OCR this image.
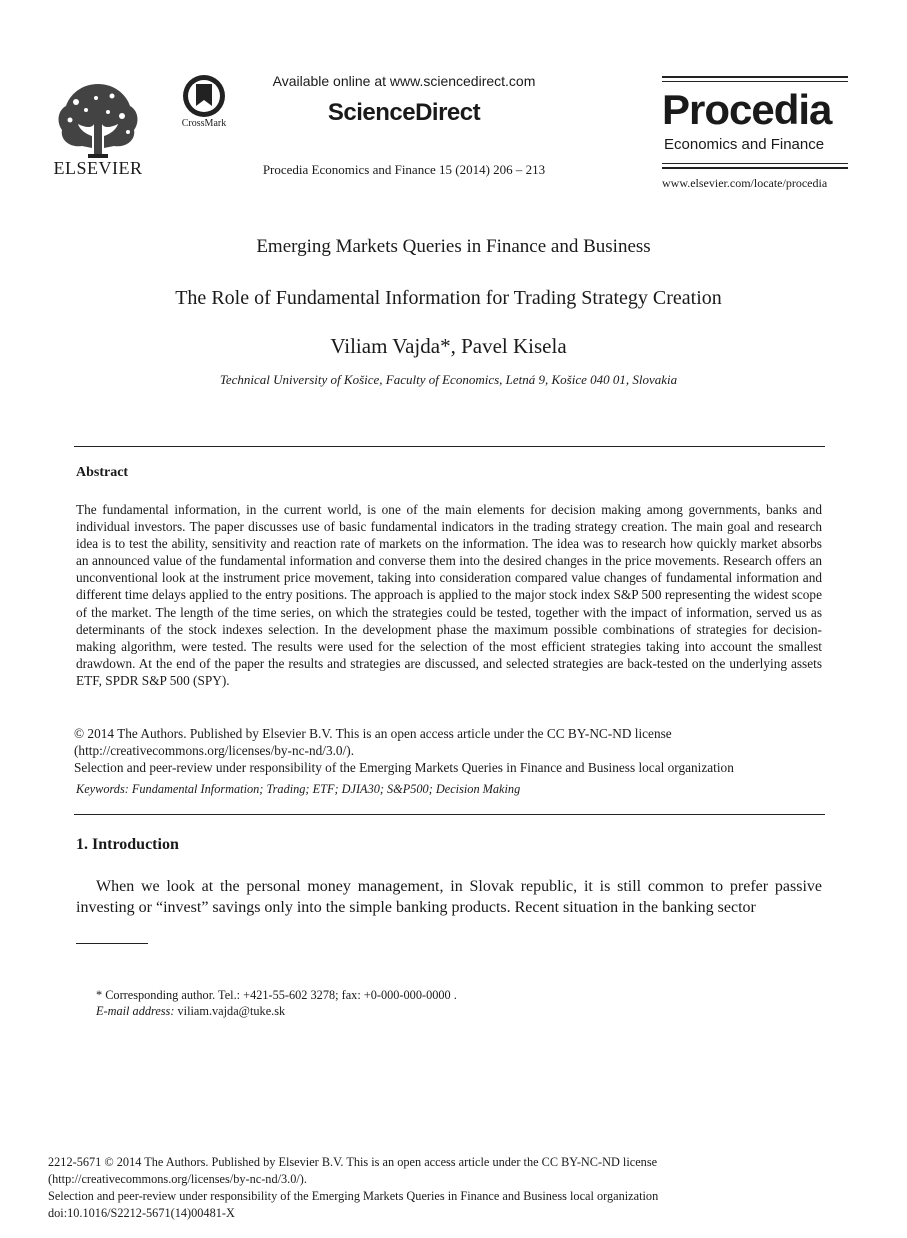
ELSEVIER
CrossMark
Available online at www.sciencedirect.com
ScienceDirect
Procedia Economics and Finance 15 (2014) 206 – 213
Procedia
Economics and Finance
www.elsevier.com/locate/procedia
Emerging Markets Queries in Finance and Business
The Role of Fundamental Information for Trading Strategy Creation
Viliam Vajda*, Pavel Kisela
Technical University of Košice, Faculty of Economics, Letná 9, Košice 040 01, Slovakia
Abstract
The fundamental information, in the current world, is one of the main elements for decision making among governments, banks and individual investors. The paper discusses use of basic fundamental indicators in the trading strategy creation. The main goal and research idea is to test the ability, sensitivity and reaction rate of markets on the information. The idea was to research how quickly market absorbs an announced value of the fundamental information and converse them into the desired changes in the price movements. Research offers an unconventional look at the instrument price movement, taking into consideration compared value changes of fundamental information and different time delays applied to the entry positions. The approach is applied to the major stock index S&P 500 representing the widest scope of the market. The length of the time series, on which the strategies could be tested, together with the impact of information, served us as determinants of the stock indexes selection. In the development phase the maximum possible combinations of strategies for decision-making algorithm, were tested. The results were used for the selection of the most efficient strategies taking into account the smallest drawdown. At the end of the paper the results and strategies are discussed, and selected strategies are back-tested on the underlying assets ETF, SPDR S&P 500 (SPY).
© 2014 The Authors. Published by Elsevier B.V. This is an open access article under the CC BY-NC-ND license
(http://creativecommons.org/licenses/by-nc-nd/3.0/).
Selection and peer-review under responsibility of the Emerging Markets Queries in Finance and Business local organization
Keywords: Fundamental Information; Trading; ETF; DJIA30; S&P500; Decision Making
1. Introduction
When we look at the personal money management, in Slovak republic, it is still common to prefer passive investing or “invest” savings only into the simple banking products. Recent situation in the banking sector
* Corresponding author. Tel.: +421-55-602 3278; fax: +0-000-000-0000 .
E-mail address: viliam.vajda@tuke.sk
2212-5671 © 2014 The Authors. Published by Elsevier B.V. This is an open access article under the CC BY-NC-ND license
(http://creativecommons.org/licenses/by-nc-nd/3.0/).
Selection and peer-review under responsibility of the Emerging Markets Queries in Finance and Business local organization
doi:10.1016/S2212-5671(14)00481-X
